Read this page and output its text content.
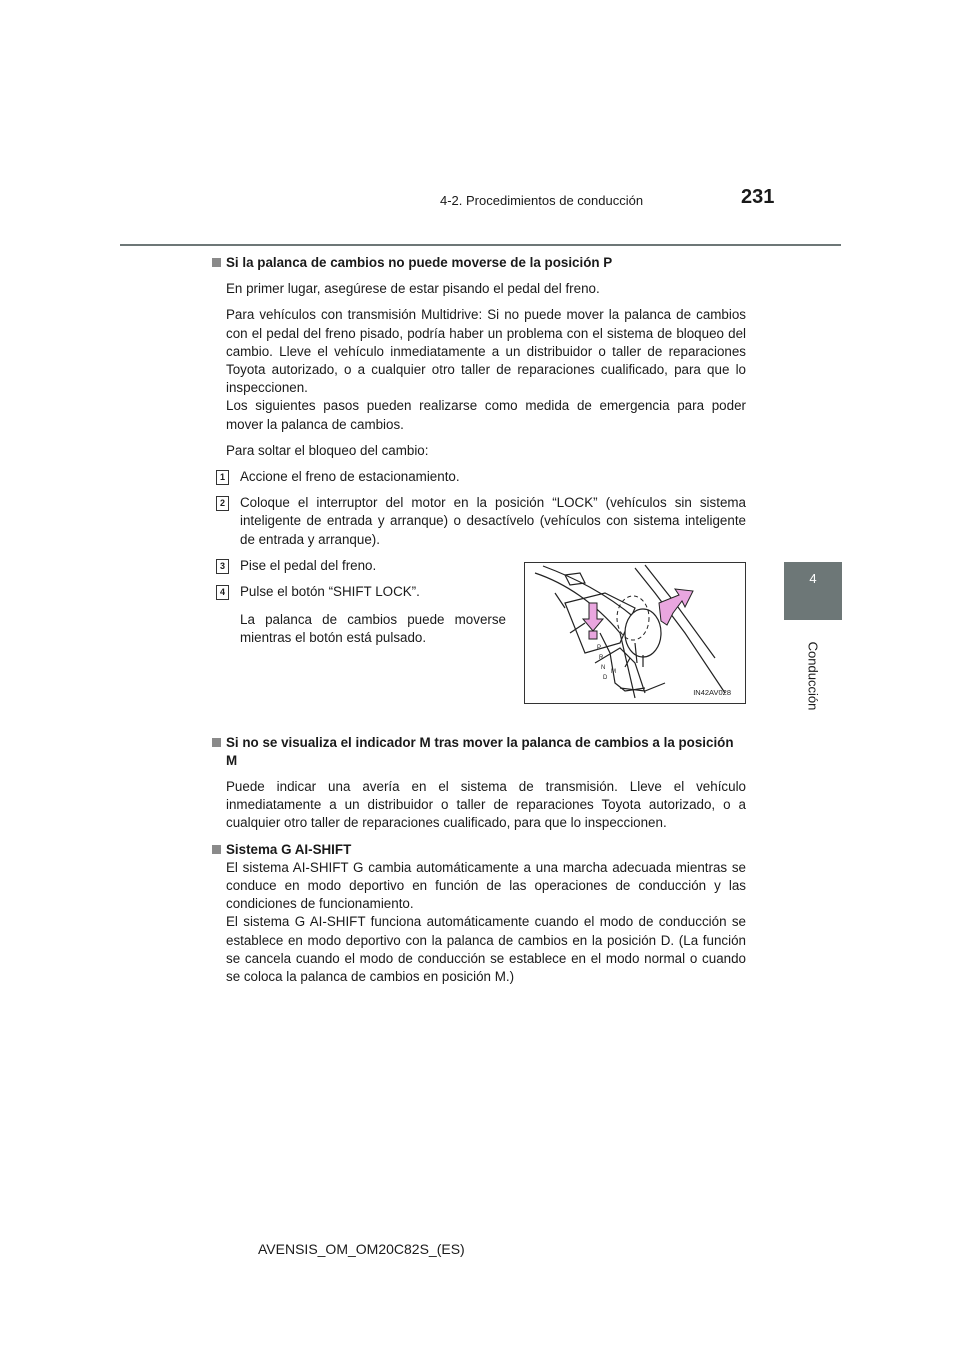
4-2. Procedimientos de conducción	231
4
Conducción
Si la palanca de cambios no puede moverse de la posición P

En primer lugar, asegúrese de estar pisando el pedal del freno.

Para vehículos con transmisión Multidrive: Si no puede mover la palanca de cambios con el pedal del freno pisado, podría haber un problema con el sistema de bloqueo del cambio. Lleve el vehículo inmediatamente a un distribuidor o taller de reparaciones Toyota autorizado, o a cualquier otro taller de reparaciones cualificado, para que lo inspeccionen.

Los siguientes pasos pueden realizarse como medida de emergencia para poder mover la palanca de cambios.

Para soltar el bloqueo del cambio:

1 Accione el freno de estacionamiento.
2 Coloque el interruptor del motor en la posición “LOCK” (vehículos sin sistema inteligente de entrada y arranque) o desactívelo (vehículos con sistema inteligente de entrada y arranque).
3 Pise el pedal del freno.
4 Pulse el botón “SHIFT LOCK”.

La palanca de cambios puede moverse mientras el botón está pulsado.

Si no se visualiza el indicador M tras mover la palanca de cambios a la posición M

Puede indicar una avería en el sistema de transmisión. Lleve el vehículo inmediatamente a un distribuidor o taller de reparaciones Toyota autorizado, o a cualquier otro taller de reparaciones cualificado, para que lo inspeccionen.

Sistema G AI-SHIFT

El sistema AI-SHIFT G cambia automáticamente a una marcha adecuada mientras se conduce en modo deportivo en función de las operaciones de conducción y las condiciones de funcionamiento.

El sistema G AI-SHIFT funciona automáticamente cuando el modo de conducción se establece en modo deportivo con la palanca de cambios en la posición D. (La función se cancela cuando el modo de conducción se establece en el modo normal o cuando se coloca la palanca de cambios en posición M.)

P
R
N
D
M
IN42AV028
AVENSIS_OM_OM20C82S_(ES)
